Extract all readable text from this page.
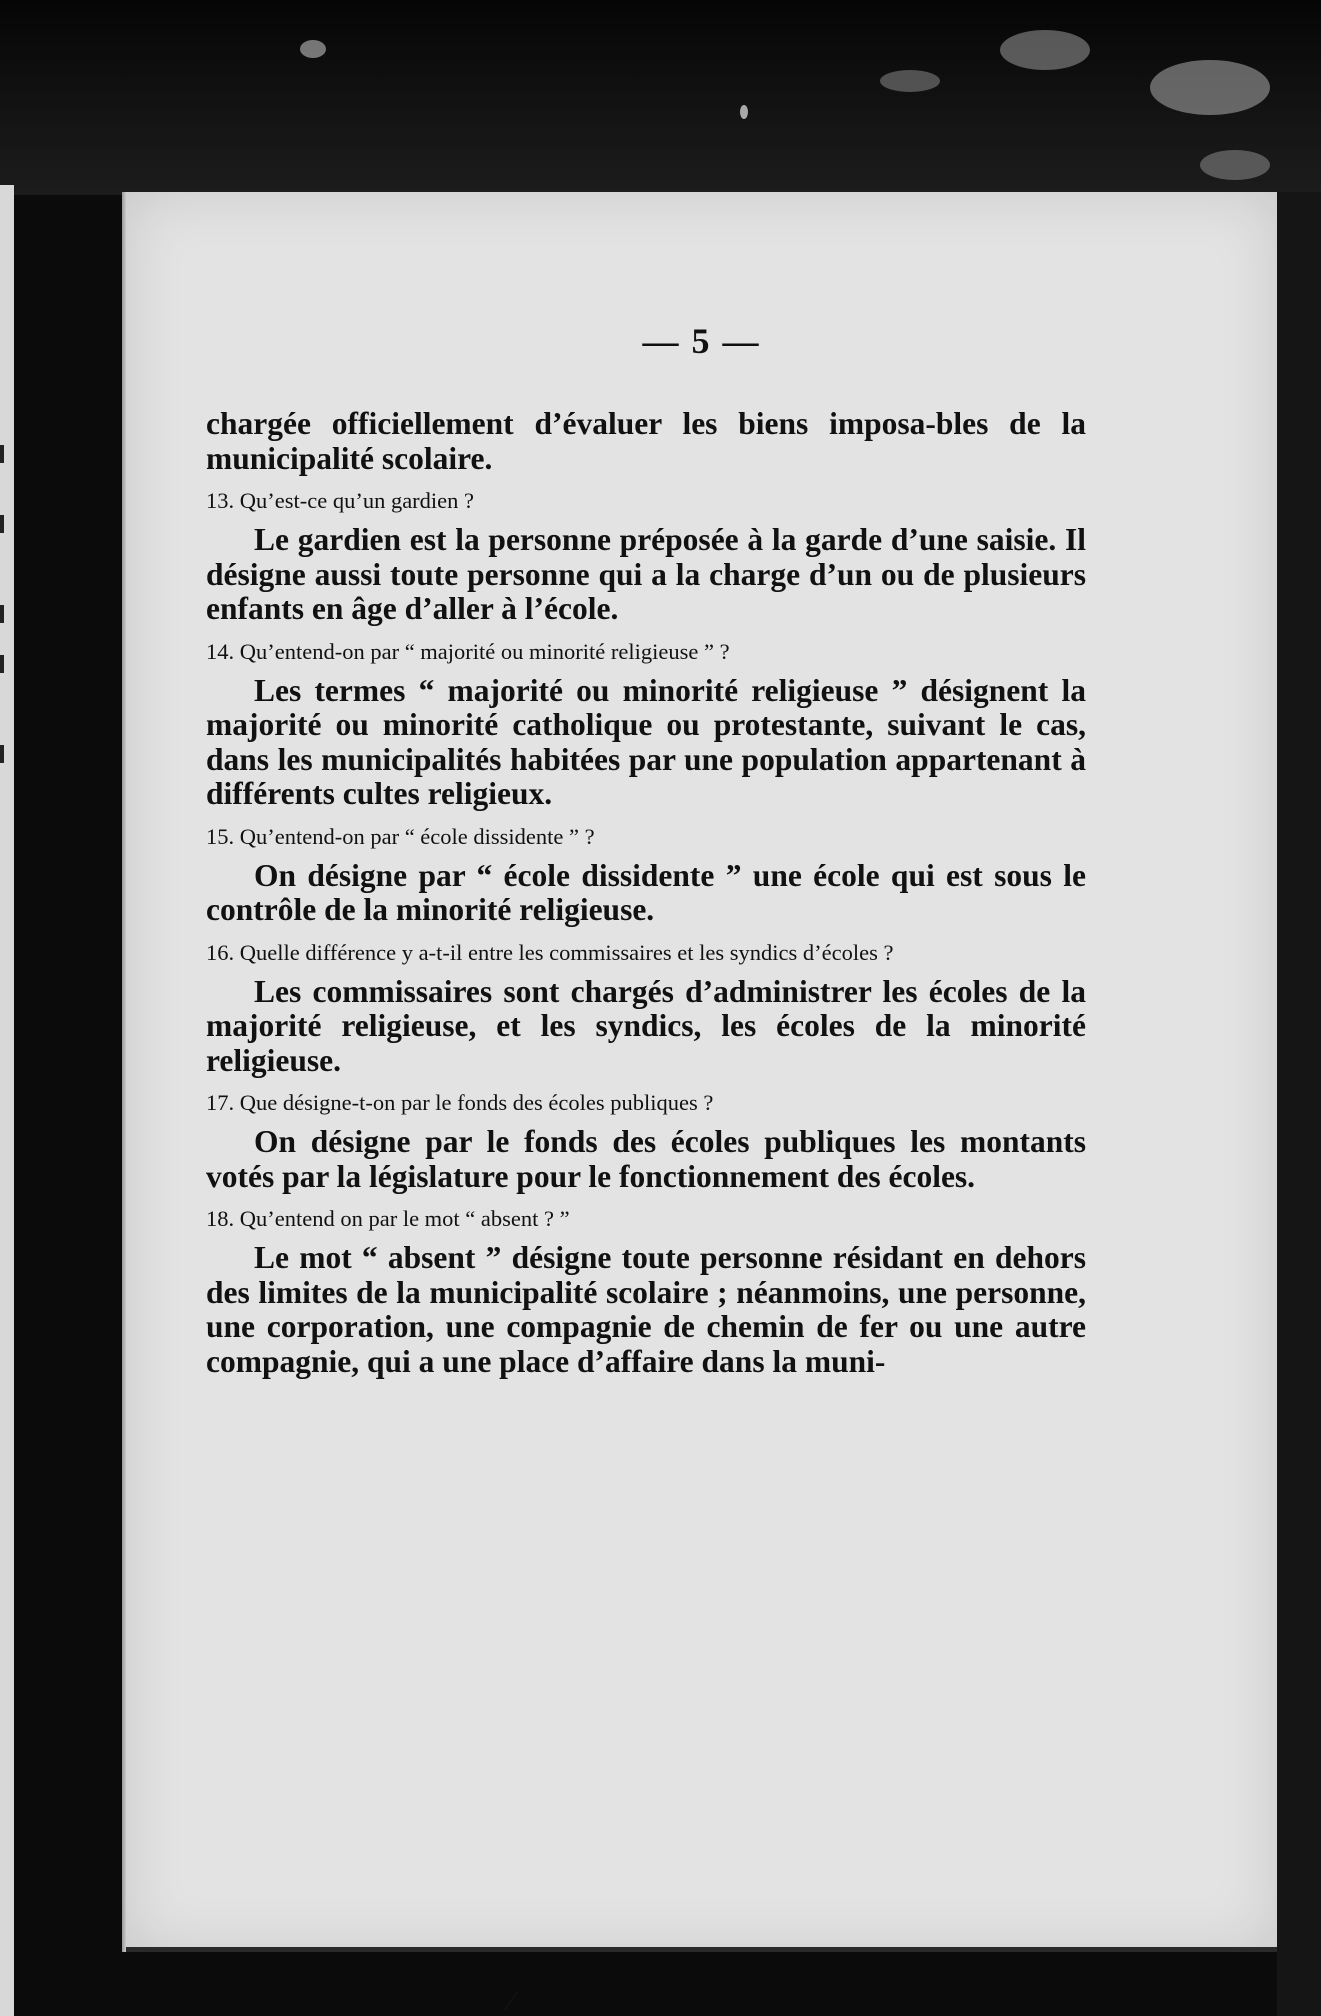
— 5 —

chargée officiellement d’évaluer les biens imposa-bles de la municipalité scolaire.

13. Qu’est-ce qu’un gardien ?

Le gardien est la personne préposée à la garde d’une saisie. Il désigne aussi toute personne qui a la charge d’un ou de plusieurs enfants en âge d’aller à l’école.

14. Qu’entend-on par “ majorité ou minorité religieuse ” ?

Les termes “ majorité ou minorité religieuse ” désignent la majorité ou minorité catholique ou protestante, suivant le cas, dans les municipalités habitées par une population appartenant à différents cultes religieux.

15. Qu’entend-on par “ école dissidente ” ?

On désigne par “ école dissidente ” une école qui est sous le contrôle de la minorité religieuse.

16. Quelle différence y a-t-il entre les commissaires et les syndics d’écoles ?

Les commissaires sont chargés d’administrer les écoles de la majorité religieuse, et les syndics, les écoles de la minorité religieuse.

17. Que désigne-t-on par le fonds des écoles publiques ?

On désigne par le fonds des écoles publiques les montants votés par la législature pour le fonctionnement des écoles.

18. Qu’entend on par le mot “ absent ? ”

Le mot “ absent ” désigne toute personne résidant en dehors des limites de la municipalité scolaire ; néanmoins, une personne, une corporation, une compagnie de chemin de fer ou une autre compagnie, qui a une place d’affaire dans la muni-
